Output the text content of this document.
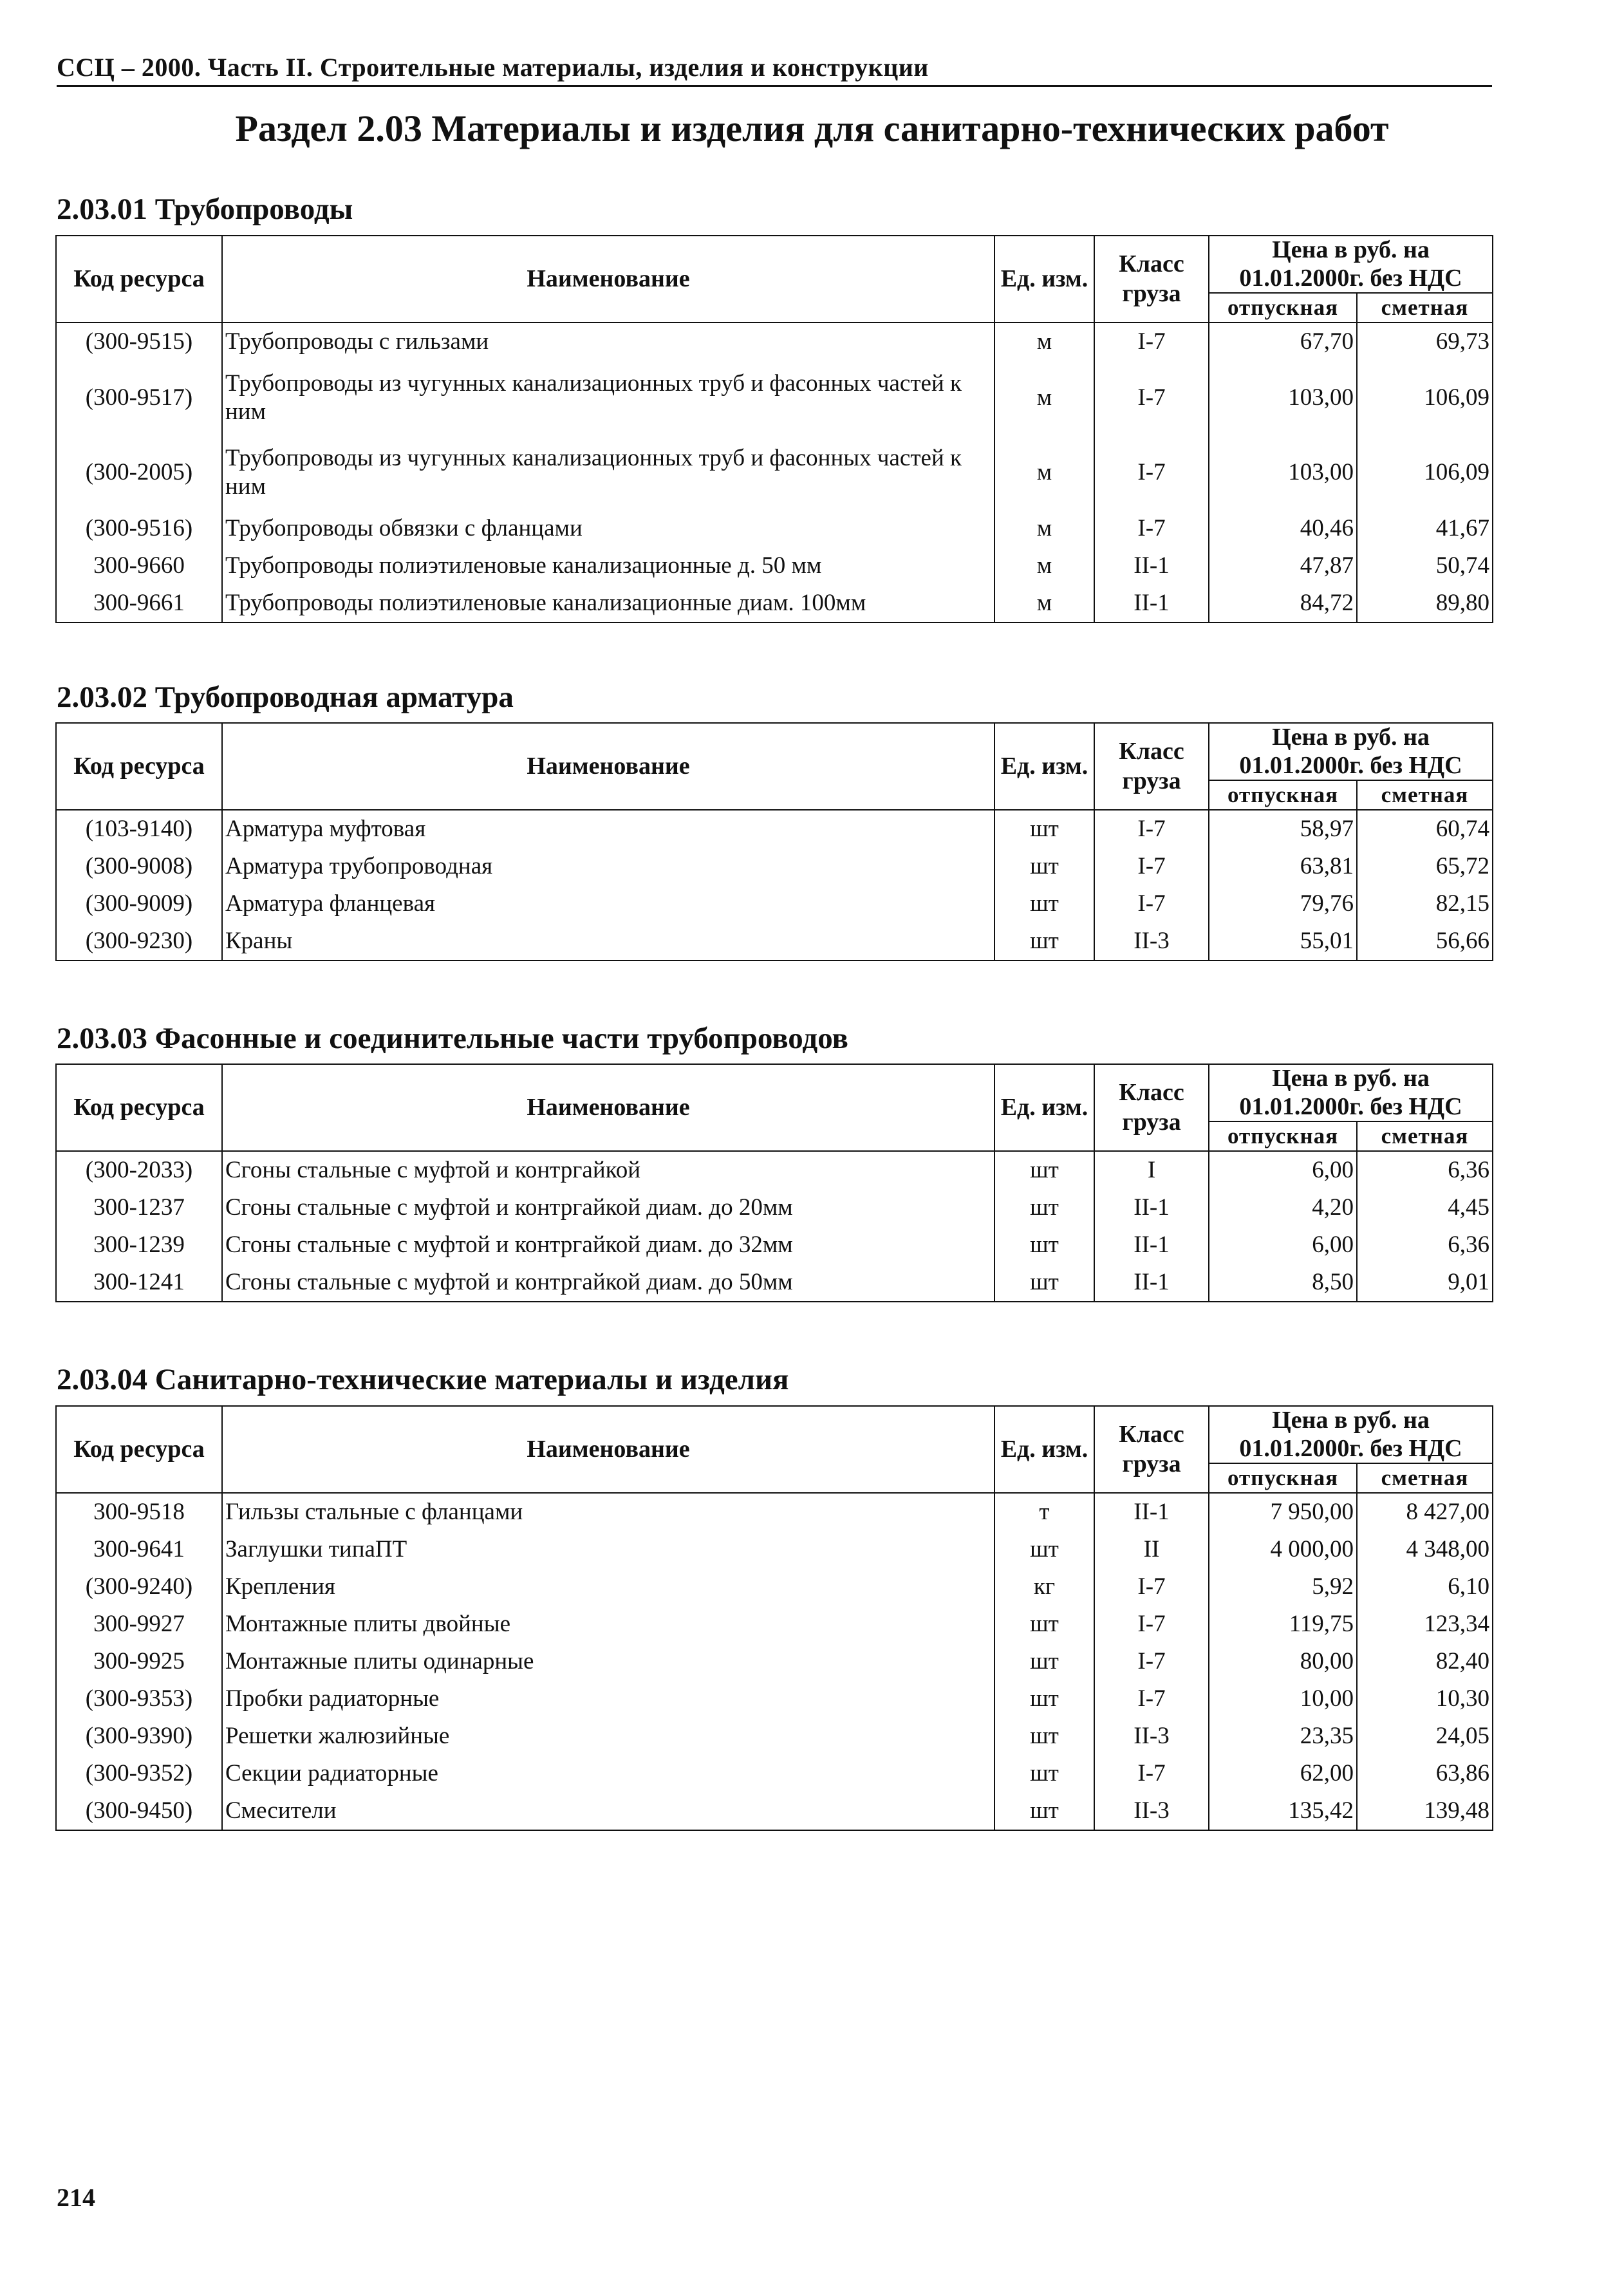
ССЦ – 2000. Часть II. Строительные материалы, изделия и конструкции
Раздел 2.03 Материалы и изделия для санитарно-технических работ
2.03.01 Трубопроводы
Код ресурса	Наименование	Ед. изм.	Класс груза	Цена в руб. на 01.01.2000г. без НДС	
				отпускная	сметная
(300-9515)	Трубопроводы с гильзами	м	I-7	67,70	69,73
(300-9517)	Трубопроводы из чугунных канализационных труб и фасонных частей к ним	м	I-7	103,00	106,09
(300-2005)	Трубопроводы из чугунных канализационных труб и фасонных частей к ним	м	I-7	103,00	106,09
(300-9516)	Трубопроводы обвязки с фланцами	м	I-7	40,46	41,67
300-9660	Трубопроводы полиэтиленовые канализационные д. 50 мм	м	II-1	47,87	50,74
300-9661	Трубопроводы полиэтиленовые канализационные диам. 100мм	м	II-1	84,72	89,80
2.03.02 Трубопроводная арматура
Код ресурса	Наименование	Ед. изм.	Класс груза	Цена в руб. на 01.01.2000г. без НДС	
				отпускная	сметная
(103-9140)	Арматура муфтовая	шт	I-7	58,97	60,74
(300-9008)	Арматура трубопроводная	шт	I-7	63,81	65,72
(300-9009)	Арматура фланцевая	шт	I-7	79,76	82,15
(300-9230)	Краны	шт	II-3	55,01	56,66
2.03.03 Фасонные и соединительные части трубопроводов
Код ресурса	Наименование	Ед. изм.	Класс груза	Цена в руб. на 01.01.2000г. без НДС	
				отпускная	сметная
(300-2033)	Сгоны стальные с муфтой и контргайкой	шт	I	6,00	6,36
300-1237	Сгоны стальные с муфтой и контргайкой диам. до 20мм	шт	II-1	4,20	4,45
300-1239	Сгоны стальные с муфтой и контргайкой диам. до 32мм	шт	II-1	6,00	6,36
300-1241	Сгоны стальные с муфтой и контргайкой диам. до 50мм	шт	II-1	8,50	9,01
2.03.04 Санитарно-технические материалы и изделия
Код ресурса	Наименование	Ед. изм.	Класс груза	Цена в руб. на 01.01.2000г. без НДС	
				отпускная	сметная
300-9518	Гильзы стальные с фланцами	т	II-1	7 950,00	8 427,00
300-9641	Заглушки типаПТ	шт	II	4 000,00	4 348,00
(300-9240)	Крепления	кг	I-7	5,92	6,10
300-9927	Монтажные плиты двойные	шт	I-7	119,75	123,34
300-9925	Монтажные плиты одинарные	шт	I-7	80,00	82,40
(300-9353)	Пробки радиаторные	шт	I-7	10,00	10,30
(300-9390)	Решетки жалюзийные	шт	II-3	23,35	24,05
(300-9352)	Секции радиаторные	шт	I-7	62,00	63,86
(300-9450)	Смесители	шт	II-3	135,42	139,48
214
